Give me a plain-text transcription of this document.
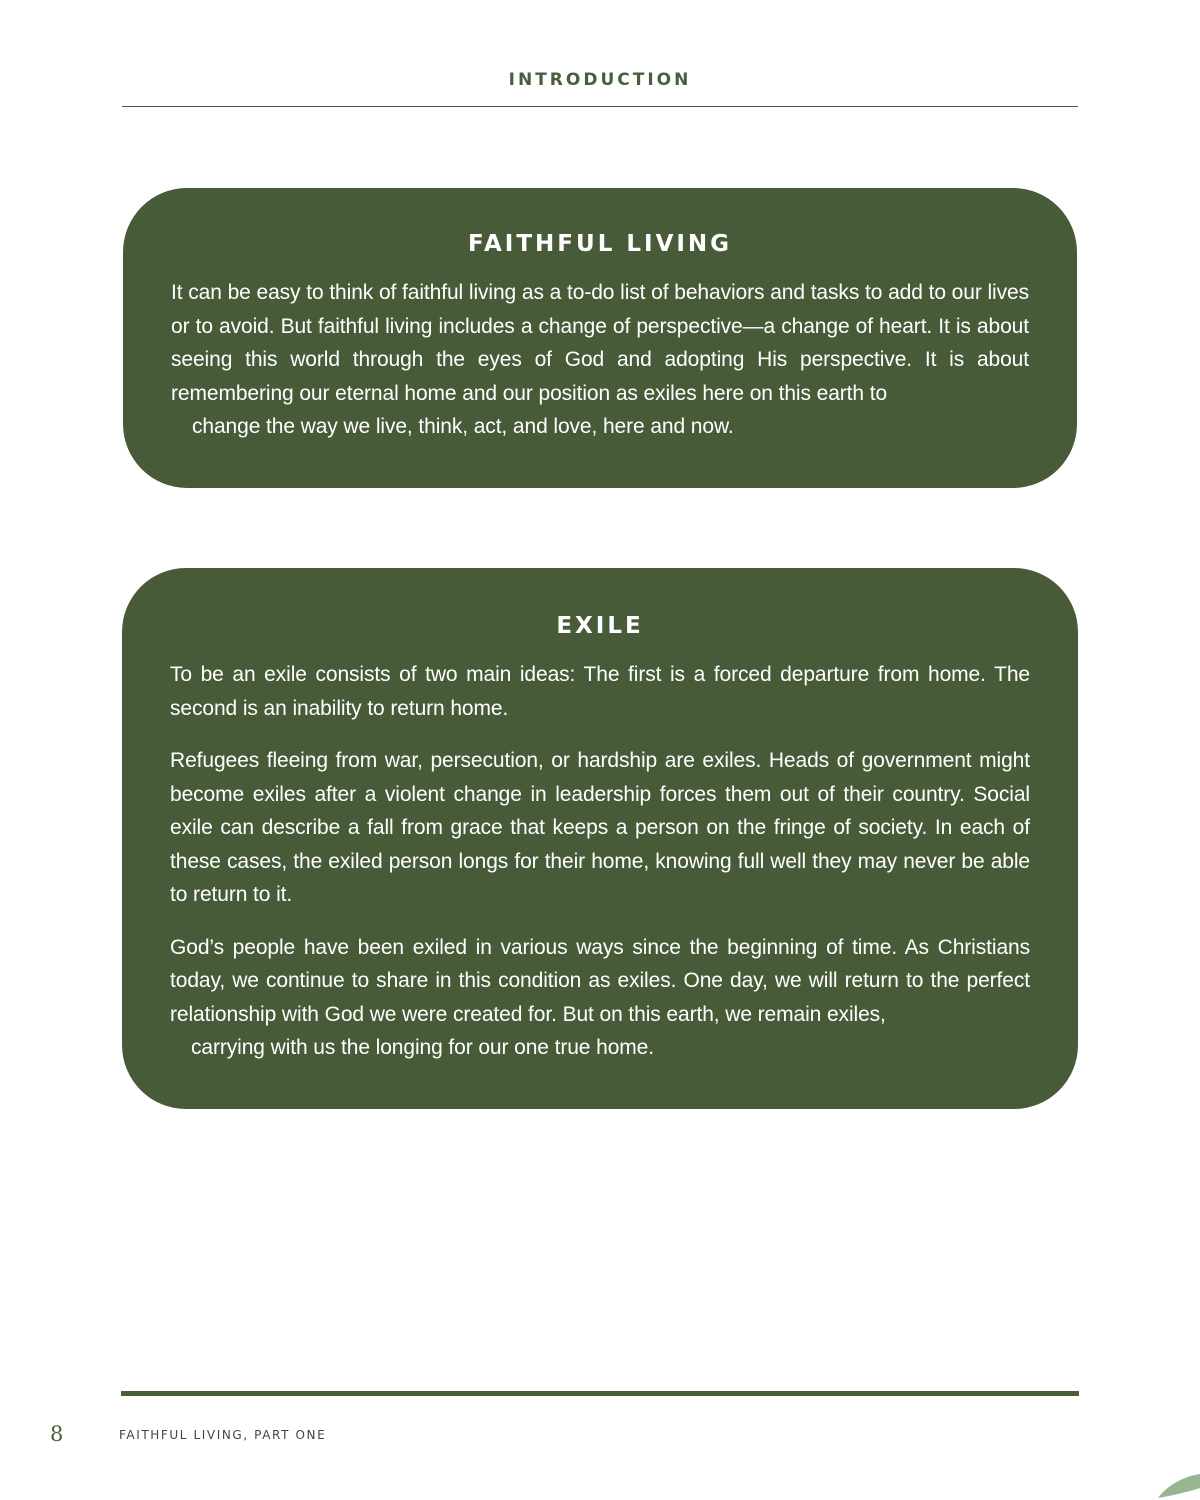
INTRODUCTION
FAITHFUL LIVING

It can be easy to think of faithful living as a to-do list of behaviors and tasks to add to our lives or to avoid. But faithful living includes a change of perspective—a change of heart. It is about seeing this world through the eyes of God and adopting His perspective. It is about remembering our eternal home and our position as exiles here on this earth to
change the way we live, think, act, and love, here and now.

EXILE

To be an exile consists of two main ideas: The first is a forced departure from home. The second is an inability to return home.

Refugees fleeing from war, persecution, or hardship are exiles. Heads of government might become exiles after a violent change in leadership forces them out of their country. Social exile can describe a fall from grace that keeps a person on the fringe of society. In each of these cases, the exiled person longs for their home, knowing full well they may never be able to return to it.

God’s people have been exiled in various ways since the beginning of time. As Christians today, we continue to share in this condition as exiles. One day, we will return to the perfect relationship with God we were created for. But on this earth, we remain exiles,
carrying with us the longing for our one true home.

8	FAITHFUL LIVING, PART ONE
